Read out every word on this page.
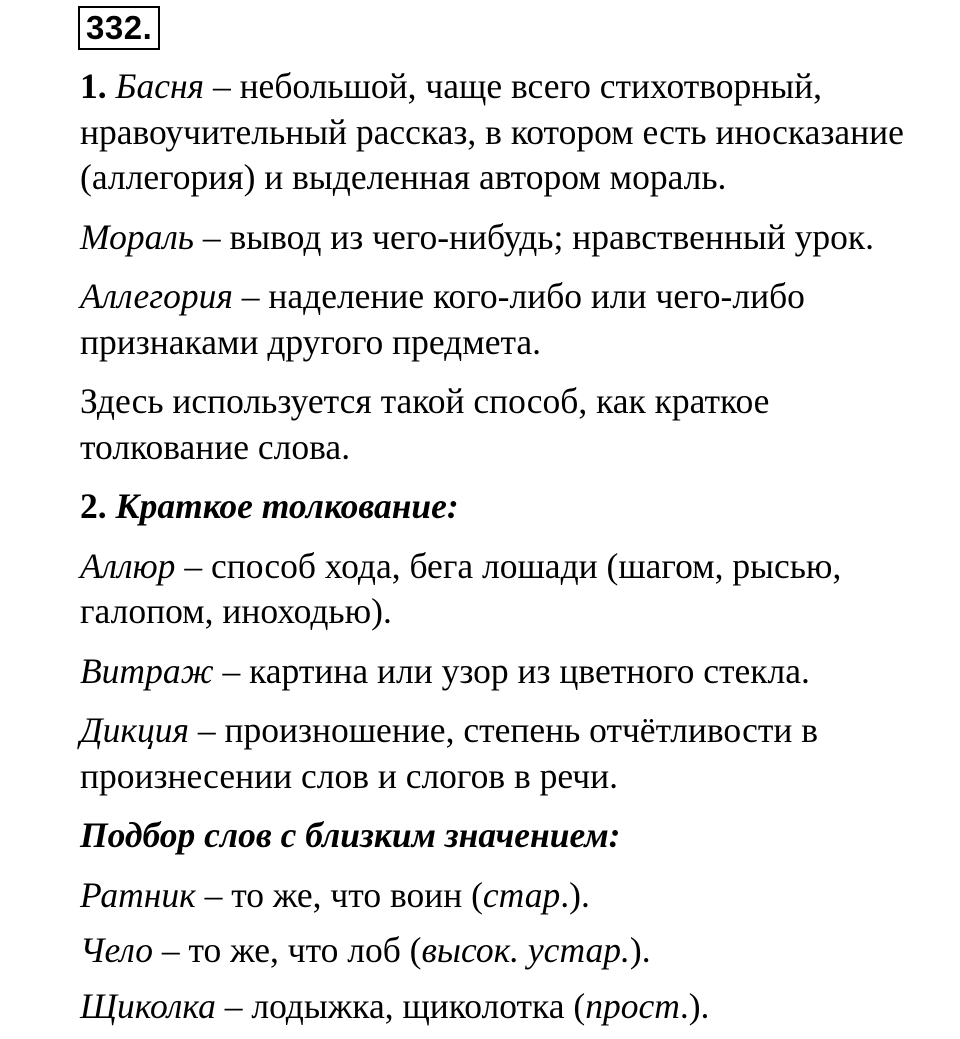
332.
1. Басня – небольшой, чаще всего стихотворный,
нравоучительный рассказ, в котором есть иносказание
(аллегория) и выделенная автором мораль.
Мораль – вывод из чего-нибудь; нравственный урок.
Аллегория – наделение кого-либо или чего-либо
признаками другого предмета.
Здесь используется такой способ, как краткое
толкование слова.
2. Краткое толкование:
Аллюр – способ хода, бега лошади (шагом, рысью,
галопом, иноходью).
Витраж – картина или узор из цветного стекла.
Дикция – произношение, степень отчётливости в
произнесении слов и слогов в речи.
Подбор слов с близким значением:
Ратник – то же, что воин (стар.).
Чело – то же, что лоб (высок. устар.).
Щиколка – лодыжка, щиколотка (прост.).
